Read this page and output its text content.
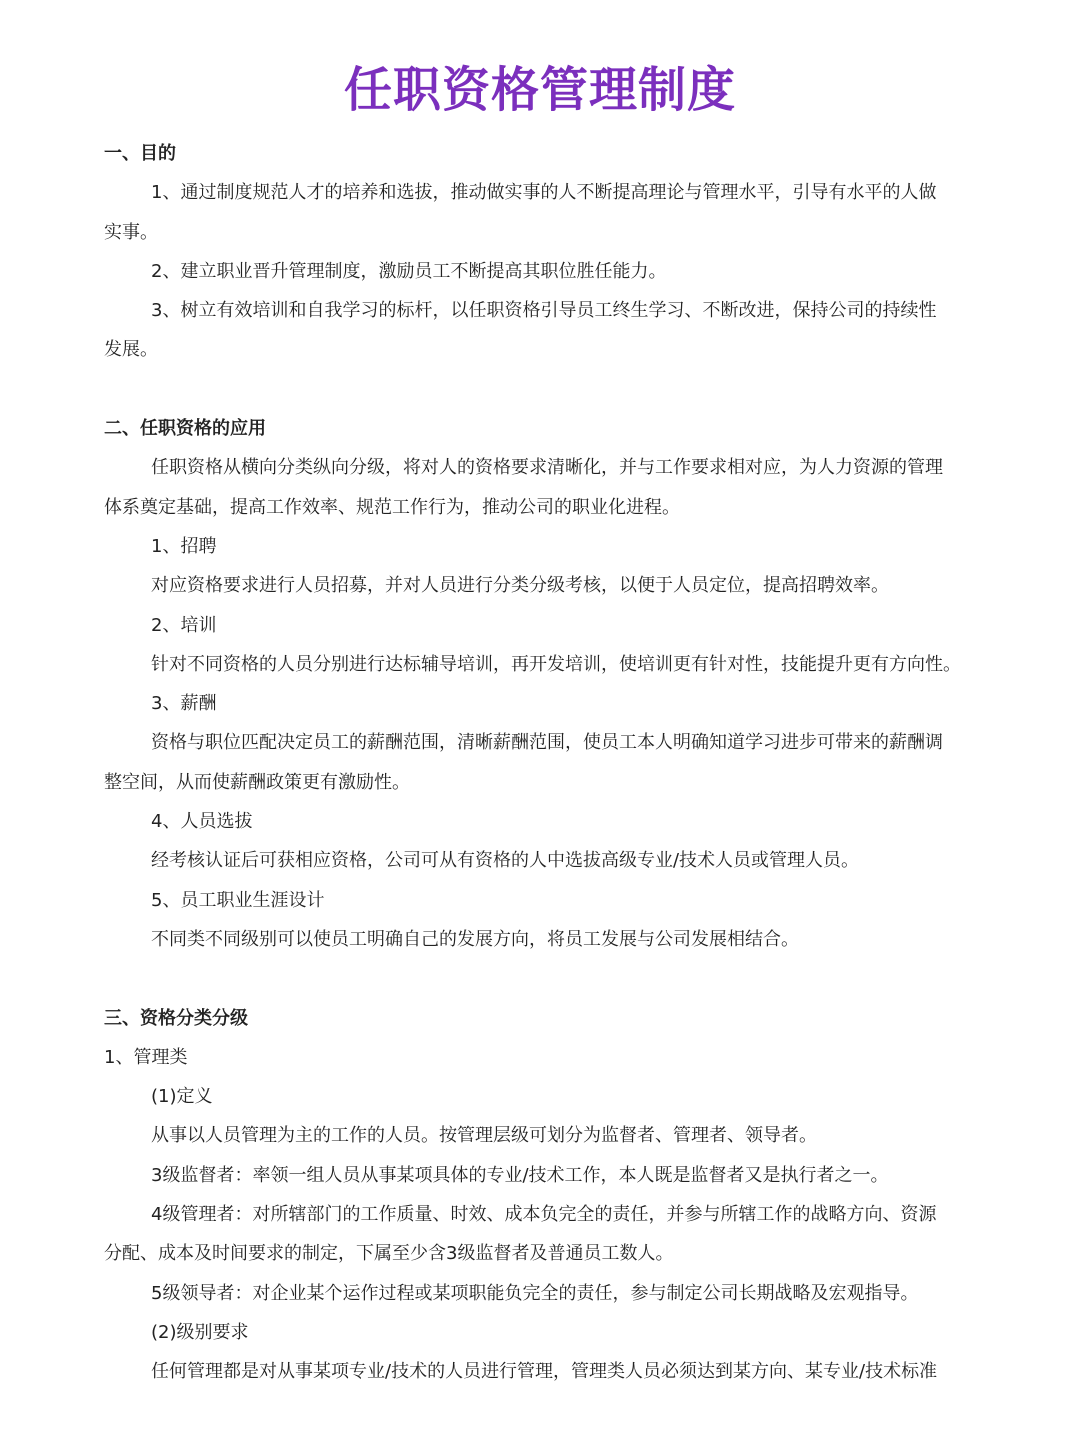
任职资格管理制度
一、目的
1、通过制度规范人才的培养和选拔，推动做实事的人不断提高理论与管理水平，引导有水平的人做
实事。
2、建立职业晋升管理制度，激励员工不断提高其职位胜任能力。
3、树立有效培训和自我学习的标杆，以任职资格引导员工终生学习、不断改进，保持公司的持续性
发展。
二、任职资格的应用
任职资格从横向分类纵向分级，将对人的资格要求清晰化，并与工作要求相对应，为人力资源的管理
体系奠定基础，提高工作效率、规范工作行为，推动公司的职业化进程。
1、招聘
对应资格要求进行人员招募，并对人员进行分类分级考核，以便于人员定位，提高招聘效率。
2、培训
针对不同资格的人员分别进行达标辅导培训，再开发培训，使培训更有针对性，技能提升更有方向性。
3、薪酬
资格与职位匹配决定员工的薪酬范围，清晰薪酬范围，使员工本人明确知道学习进步可带来的薪酬调
整空间，从而使薪酬政策更有激励性。
4、人员选拔
经考核认证后可获相应资格，公司可从有资格的人中选拔高级专业/技术人员或管理人员。
5、员工职业生涯设计
不同类不同级别可以使员工明确自己的发展方向，将员工发展与公司发展相结合。
三、资格分类分级
1、管理类
(1)定义
从事以人员管理为主的工作的人员。按管理层级可划分为监督者、管理者、领导者。
3级监督者：率领一组人员从事某项具体的专业/技术工作，本人既是监督者又是执行者之一。
4级管理者：对所辖部门的工作质量、时效、成本负完全的责任，并参与所辖工作的战略方向、资源
分配、成本及时间要求的制定，下属至少含3级监督者及普通员工数人。
5级领导者：对企业某个运作过程或某项职能负完全的责任，参与制定公司长期战略及宏观指导。
(2)级别要求
任何管理都是对从事某项专业/技术的人员进行管理，管理类人员必须达到某方向、某专业/技术标准
